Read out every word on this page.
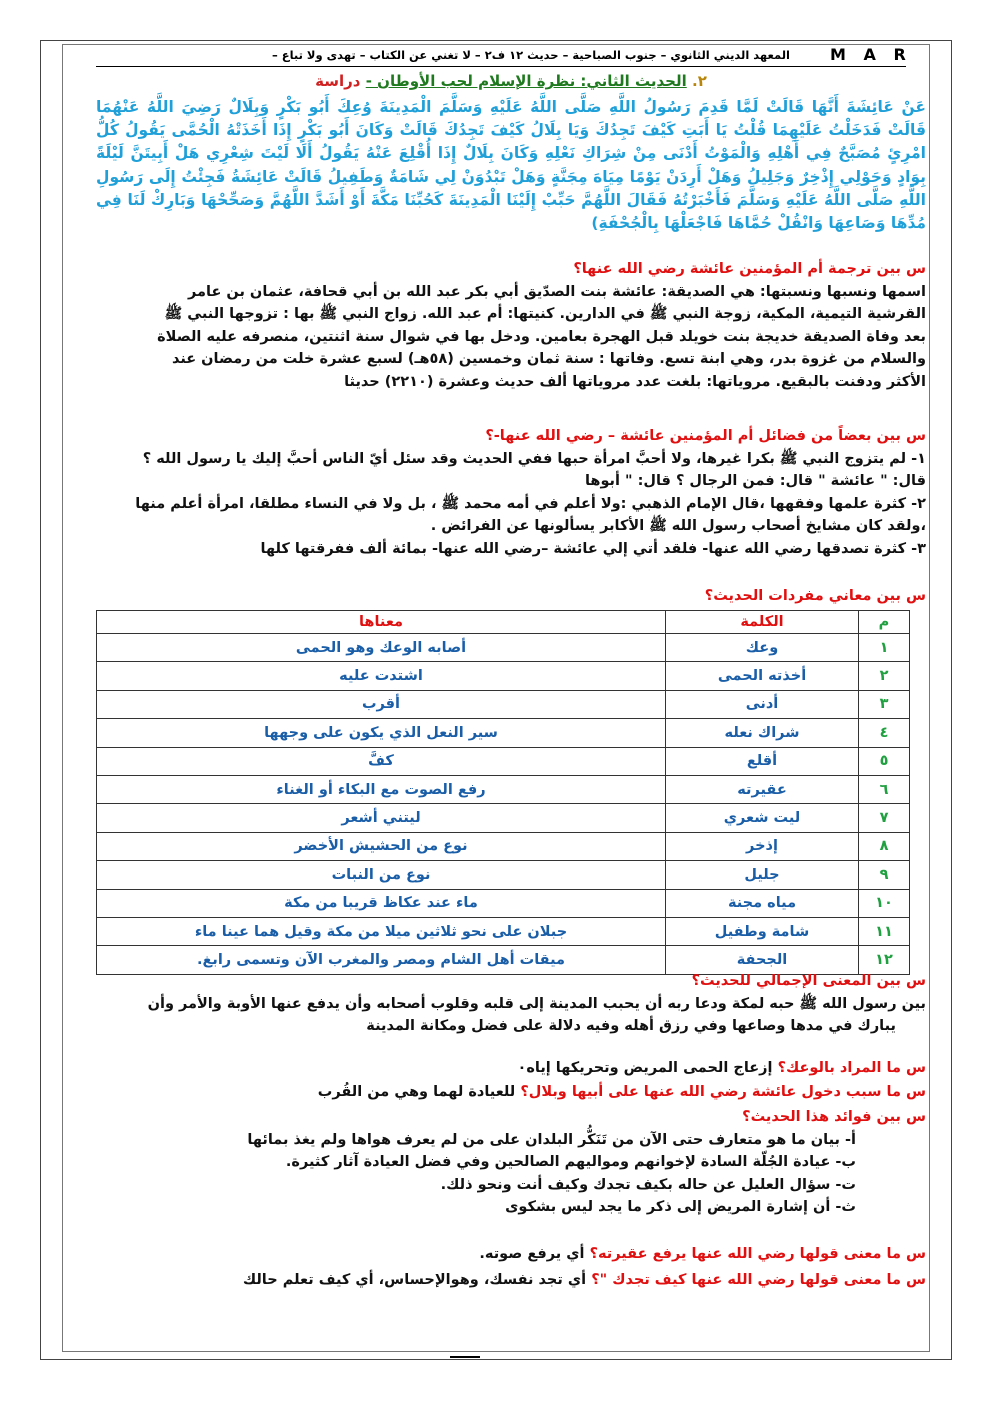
M A R
المعهد الديني الثانوي – جنوب الصباحية – حديث ١٢ ف٢ – لا تغني عن الكتاب – تهدى ولا تباع –
٢. الحديث الثاني: نظرة الإسلام لحب الأوطان - دراسة
عَنْ عَائِشَةَ أَنَّهَا قَالَتْ لَمَّا قَدِمَ رَسُولُ اللَّهِ صَلَّى اللَّهُ عَلَيْهِ وَسَلَّمَ الْمَدِينَةَ وُعِكَ أَبُو بَكْرٍ وَبِلَالٌ رَضِيَ اللَّهُ عَنْهُمَا قَالَتْ فَدَخَلْتُ عَلَيْهِمَا قُلْتُ يَا أَبَتِ كَيْفَ تَجِدُكَ وَيَا بِلَالُ كَيْفَ تَجِدُكَ قَالَتْ وَكَانَ أَبُو بَكْرٍ إِذَا أَخَذَتْهُ الْحُمَّى يَقُولُ كُلُّ امْرِئٍ مُصَبَّحٌ فِي أَهْلِهِ وَالْمَوْتُ أَدْنَى مِنْ شِرَاكِ نَعْلِهِ وَكَانَ بِلَالٌ إِذَا أُقْلِعَ عَنْهُ يَقُولُ أَلَا لَيْتَ شِعْرِي هَلْ أَبِيتَنَّ لَيْلَةً بِوَادٍ وَحَوْلِي إِذْخِرٌ وَجَلِيلُ وَهَلْ أَرِدَنْ يَوْمًا مِيَاهَ مِجَنَّةٍ وَهَلْ تَبْدُوَنْ لِي شَامَةٌ وَطَفِيلُ قَالَتْ عَائِشَةُ فَجِئْتُ إِلَى رَسُولِ اللَّهِ صَلَّى اللَّهُ عَلَيْهِ وَسَلَّمَ فَأَخْبَرْتُهُ فَقَالَ اللَّهُمَّ حَبِّبْ إِلَيْنَا الْمَدِينَةَ كَحُبِّنَا مَكَّةَ أَوْ أَشَدَّ اللَّهُمَّ وَصَحِّحْهَا وَبَارِكْ لَنَا فِي مُدِّهَا وَصَاعِهَا وَانْقُلْ حُمَّاهَا فَاجْعَلْهَا بِالْجُحْفَةِ)
س بين ترجمة أم المؤمنين عائشة رضي الله عنها؟
اسمها ونسبها ونسبتها: هي الصديقة: عائشة بنت الصدّيق أبي بكر عبد الله بن أبي قحافة، عثمان بن عامر
القرشية التيمية، المكية، زوجة النبي ﷺ في الدارين. كنيتها: أم عبد الله. زواج النبي ﷺ بها : تزوجها النبي ﷺ
بعد وفاة الصديقة خديجة بنت خويلد قبل الهجرة بعامين. ودخل بها في شوال سنة اثنتين، منصرفه عليه الصلاة
والسلام من غزوة بدر، وهي ابنة تسع. وفاتها : سنة ثمان وخمسين (٥٨هـ) لسبع عشرة خلت من رمضان عند
الأكثر ودفنت بالبقيع. مروياتها: بلغت عدد مروياتها ألف حديث وعشرة (٢٢١٠) حديثا
س بين بعضاً من فضائل أم المؤمنين عائشة – رضي الله عنها-؟
١- لم يتزوج النبي ﷺ بكرا غيرها، ولا أحبَّ امرأة حبها ففي الحديث وقد سئل أيّ الناس أحبَّ إليك يا رسول الله ؟
قال: " عائشة " قال: فمن الرجال ؟ قال: " أبوها
٢- كثرة علمها وفقهها ،قال الإمام الذهبي :ولا أعلم في أمه محمد ﷺ ، بل ولا في النساء مطلقا، امرأة أعلم منها
،ولقد كان مشايخ أصحاب رسول الله ﷺ الأكابر يسألونها عن الفرائض .
٣- كثرة تصدقها رضي الله عنها- فلقد أتي إلي عائشة –رضي الله عنها- بمائة ألف ففرقتها كلها
س بين معاني مفردات الحديث؟
م	الكلمة	معناها
١	وعك	أصابه الوعك وهو الحمى
٢	أخذته الحمى	اشتدت عليه
٣	أدنى	أقرب
٤	شراك نعله	سير النعل الذي يكون على وجهها
٥	أقلع	كفَّ
٦	عقيرته	رفع الصوت مع البكاء أو الغناء
٧	ليت شعري	ليتني أشعر
٨	إذخر	نوع من الحشيش الأخضر
٩	جليل	نوع من النبات
١٠	مياه مجنة	ماء عند عكاظ قريبا من مكة
١١	شامة وطفيل	جبلان على نحو ثلاثين ميلا من مكة وقيل هما عينا ماء
١٢	الجحفة	ميقات أهل الشام ومصر والمغرب الآن وتسمى رابغ.
س بين المعنى الإجمالي للحديث؟
بين رسول الله ﷺ حبه لمكة ودعا ربه أن يحبب المدينة إلى قلبه وقلوب أصحابه وأن يدفع عنها الأوبة والأمر وأن
يبارك في مدها وصاعها وفي رزق أهله وفيه دلالة على فضل ومكانة المدينة
س ما المراد بالوعك؟ إزعاج الحمى المريض وتحريكها إياه٠
س ما سبب دخول عائشة رضي الله عنها على أبيها وبلال؟ للعيادة لهما وهي من القُرب
س بين فوائد هذا الحديث؟
أ- بيان ما هو متعارف حتى الآن من تَنَكُّر البلدان على من لم يعرف هواها ولم يغذ بمائها
ب- عيادة الجُلّة السادة لإخوانهم ومواليهم الصالحين وفي فضل العيادة آثار كثيرة.
ت- سؤال العليل عن حاله بكيف تجدك وكيف أنت ونحو ذلك.
ث- أن إشارة المريض إلى ذكر ما يجد ليس بشكوى
س ما معنى قولها رضي الله عنها يرفع عقيرته؟ أي يرفع صوته.
س ما معنى قولها رضي الله عنها كيف تجدك "؟ أي تجد نفسك، وهوالإحساس، أي كيف تعلم حالك
